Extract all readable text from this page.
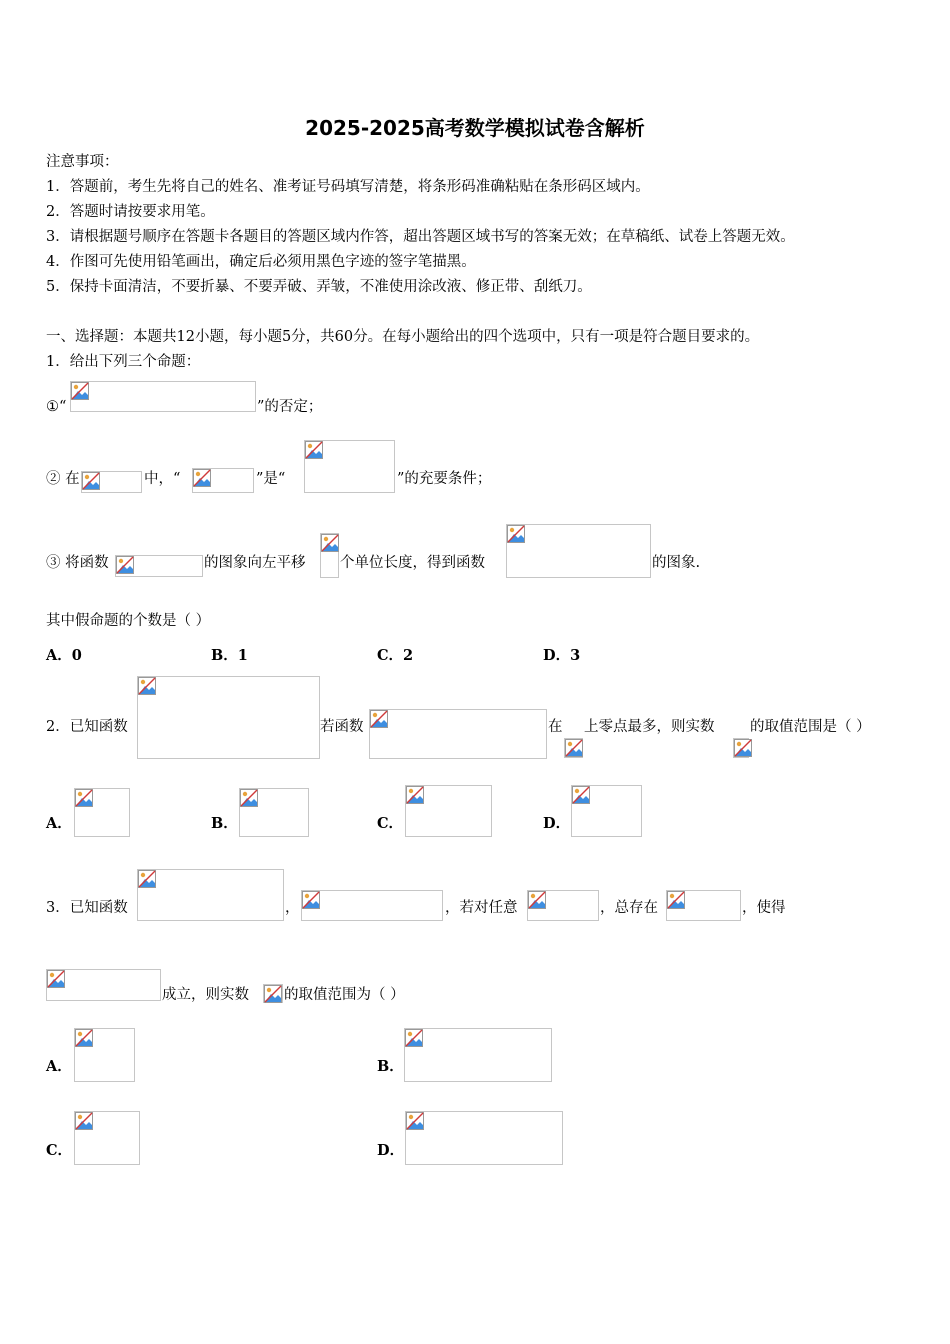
2025-2025高考数学模拟试卷含解析
注意事项：
1．答题前，考生先将自己的姓名、准考证号码填写清楚，将条形码准确粘贴在条形码区域内。
2．答题时请按要求用笔。
3．请根据题号顺序在答题卡各题目的答题区域内作答，超出答题区域书写的答案无效；在草稿纸、试卷上答题无效。
4．作图可先使用铅笔画出，确定后必须用黑色字迹的签字笔描黑。
5．保持卡面清洁，不要折暴、不要弄破、弄皱，不准使用涂改液、修正带、刮纸刀。
一、选择题：本题共12小题，每小题5分，共60分。在每小题给出的四个选项中，只有一项是符合题目要求的。
1．给出下列三个命题：
①“	”的否定；
② 在	中，“	”是“	”的充要条件；
③ 将函数	的图象向左平移 个单位长度，得到函数	的图象.
其中假命题的个数是（ ）
A．0	B．1	C．2	D．3
2．已知函数	若函数	在 上零点最多，则实数 的取值范围是（ ）
A．	B．	C．	D．
3．已知函数	，	，若对任意	，总存在	，使得
成立，则实数 的取值范围为（ ）
A．	B．
C．	D．
